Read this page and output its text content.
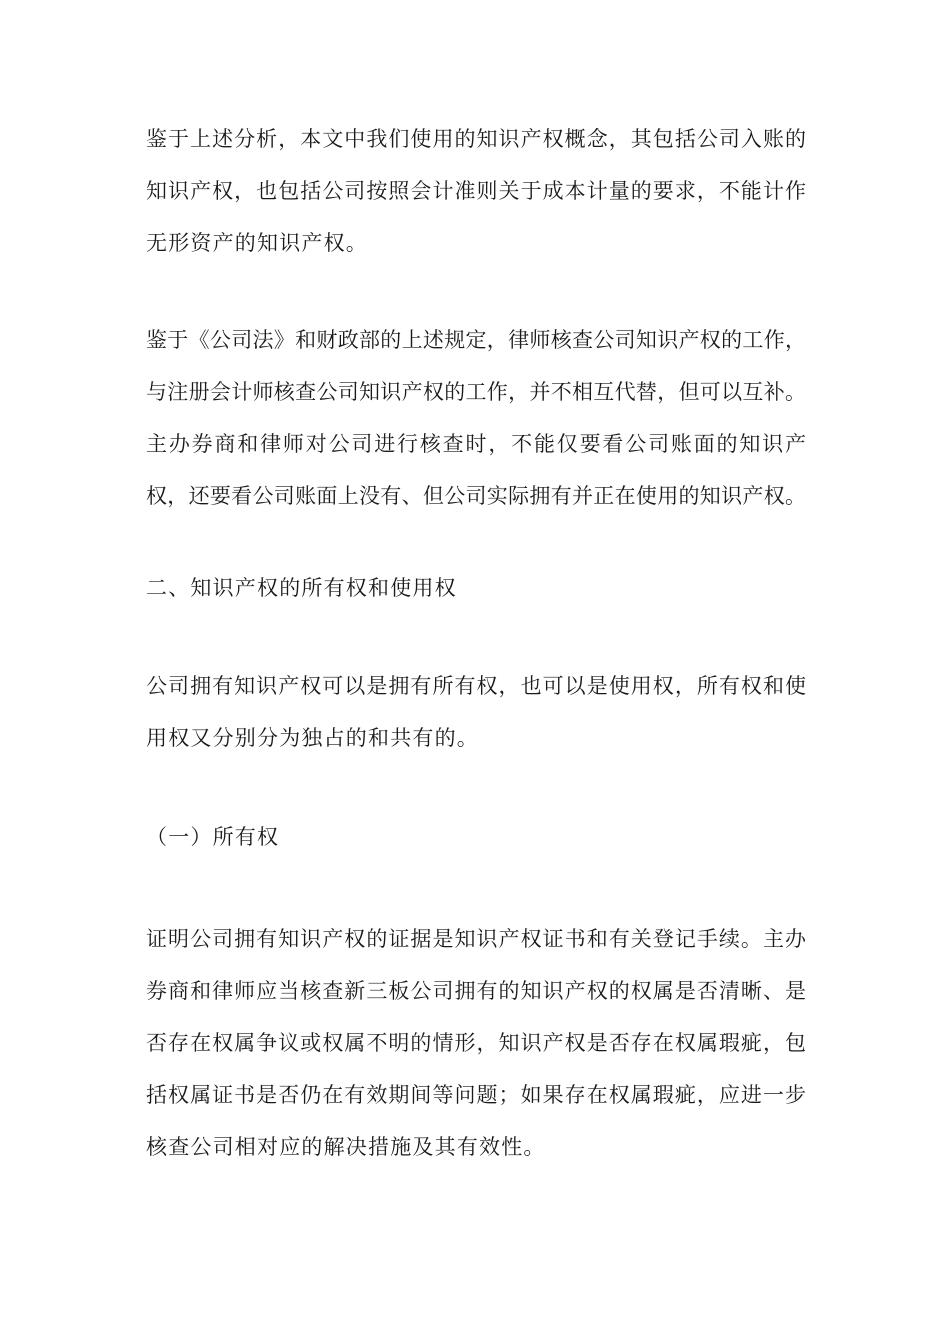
鉴于上述分析，本文中我们使用的知识产权概念，其包括公司入账的
知识产权，也包括公司按照会计准则关于成本计量的要求，不能计作
无形资产的知识产权。
鉴于《公司法》和财政部的上述规定，律师核查公司知识产权的工作，
与注册会计师核查公司知识产权的工作，并不相互代替，但可以互补。
主办券商和律师对公司进行核查时，不能仅要看公司账面的知识产
权，还要看公司账面上没有、但公司实际拥有并正在使用的知识产权。
二、知识产权的所有权和使用权
公司拥有知识产权可以是拥有所有权，也可以是使用权，所有权和使
用权又分别分为独占的和共有的。
（一）所有权
证明公司拥有知识产权的证据是知识产权证书和有关登记手续。主办
券商和律师应当核查新三板公司拥有的知识产权的权属是否清晰、是
否存在权属争议或权属不明的情形，知识产权是否存在权属瑕疵，包
括权属证书是否仍在有效期间等问题；如果存在权属瑕疵，应进一步
核查公司相对应的解决措施及其有效性。
